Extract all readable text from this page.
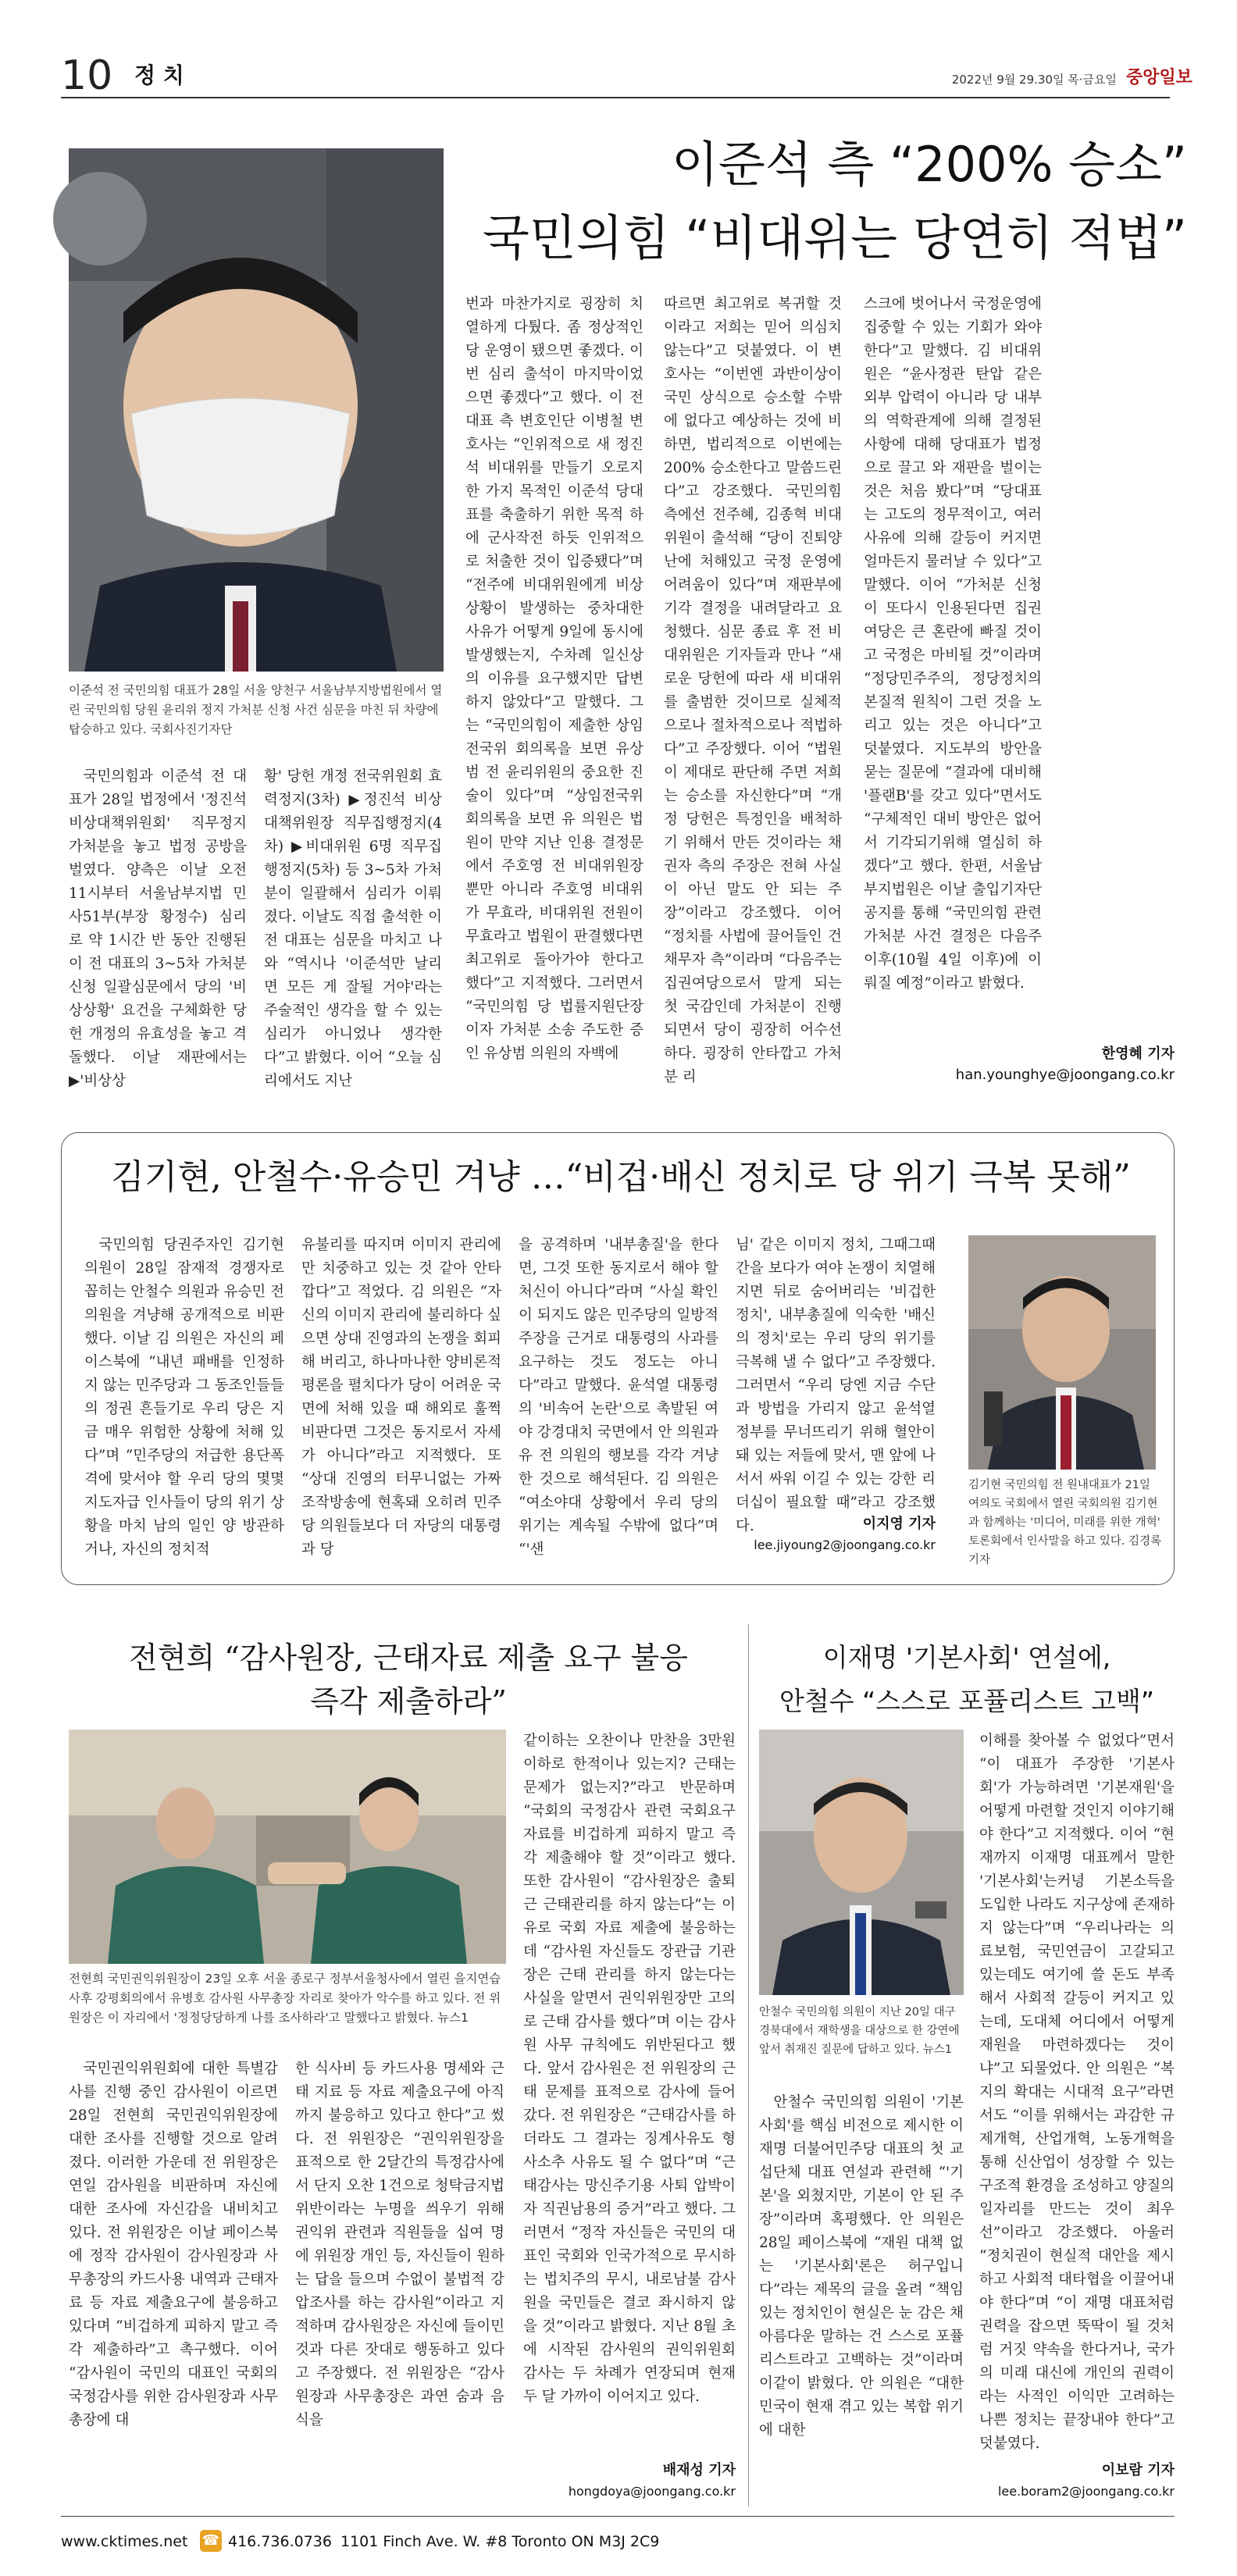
10 정 치	2022년 9월 29.30일 목·금요일 중앙일보
이준석 전 국민의힘 대표가 28일 서울 양천구 서울남부지방법원에서 열린 국민의힘 당원 윤리위 정지 가처분 신청 사건 심문을 마친 뒤 차량에 탑승하고 있다. 국회사진기자단
이준석 측 “200% 승소”
국민의힘 “비대위는 당연히 적법”

국민의힘과 이준석 전 대표가 28일 법정에서 '정진석 비상대책위원회' 직무정지 가처분을 놓고 법정 공방을 벌였다. 양측은 이날 오전 11시부터 서울남부지법 민사51부(부장 황정수) 심리로 약 1시간 반 동안 진행된 이 전 대표의 3~5차 가처분 신청 일괄심문에서 당의 '비상상황' 요건을 구체화한 당헌 개정의 유효성을 놓고 격돌했다. 이날 재판에서는 ▶'비상상

황' 당헌 개정 전국위원회 효력정지(3차) ▶정진석 비상대책위원장 직무집행정지(4차) ▶비대위원 6명 직무집행정지(5차) 등 3~5차 가처분이 일괄해서 심리가 이뤄졌다. 이날도 직접 출석한 이 전 대표는 심문을 마치고 나와 “역시나 '이준석만 날리면 모든 게 잘될 거야'라는 주술적인 생각을 할 수 있는 심리가 아니었나 생각한다”고 밝혔다. 이어 “오늘 심리에서도 지난

번과 마찬가지로 굉장히 치열하게 다퉜다. 좀 정상적인 당 운영이 됐으면 좋겠다. 이번 심리 출석이 마지막이었으면 좋겠다”고 했다. 이 전 대표 측 변호인단 이병철 변호사는 “인위적으로 새 정진석 비대위를 만들기 오로지 한 가지 목적인 이준석 당대표를 축출하기 위한 목적 하에 군사작전 하듯 인위적으로 처출한 것이 입증됐다”며 “전주에 비대위원에게 비상상황이 발생하는 중차대한 사유가 어떻게 9일에 동시에 발생했는지, 수차례 일신상의 이유를 요구했지만 답변하지 않았다”고 말했다. 그는 “국민의힘이 제출한 상임전국위 회의록을 보면 유상범 전 윤리위원의 중요한 진술이 있다”며 “상임전국위 회의록을 보면 유 의원은 법원이 만약 지난 인용 결정문에서 주호영 전 비대위원장뿐만 아니라 주호영 비대위가 무효라, 비대위원 전원이 무효라고 법원이 판결했다면 최고위로 돌아가야 한다고 했다”고 지적했다. 그러면서 “국민의힘 당 법률지원단장이자 가처분 소송 주도한 증인 유상범 의원의 자백에

따르면 최고위로 복귀할 것이라고 저희는 믿어 의심치 않는다”고 덧붙였다. 이 변호사는 “이번엔 과반이상이 국민 상식으로 승소할 수밖에 없다고 예상하는 것에 비하면, 법리적으로 이번에는 200% 승소한다고 말씀드린다”고 강조했다. 국민의힘 측에선 전주혜, 김종혁 비대위원이 출석해 “당이 진퇴양난에 처해있고 국정 운영에 어려움이 있다”며 재판부에 기각 결정을 내려달라고 요청했다. 심문 종료 후 전 비대위원은 기자들과 만나 “새로운 당헌에 따라 새 비대위를 출범한 것이므로 실체적으로나 절차적으로나 적법하다”고 주장했다. 이어 “법원이 제대로 판단해 주면 저희는 승소를 자신한다”며 “개정 당헌은 특정인을 배척하기 위해서 만든 것이라는 채권자 측의 주장은 전혀 사실이 아닌 말도 안 되는 주장”이라고 강조했다. 이어 “정치를 사법에 끌어들인 건 채무자 측”이라며 “다음주는 집권여당으로서 말게 되는 첫 국감인데 가처분이 진행되면서 당이 굉장히 어수선하다. 굉장히 안타깝고 가처분 리

스크에 벗어나서 국정운영에 집중할 수 있는 기회가 와야 한다”고 말했다. 김 비대위원은 “윤사정관 탄압 같은 외부 압력이 아니라 당 내부의 역학관계에 의해 결정된 사항에 대해 당대표가 법정으로 끌고 와 재판을 벌이는 것은 처음 봤다”며 “당대표는 고도의 정무적이고, 여러 사유에 의해 갈등이 커지면 얼마든지 물러날 수 있다”고 말했다. 이어 “가처분 신청이 또다시 인용된다면 집권여당은 큰 혼란에 빠질 것이고 국정은 마비될 것”이라며 “정당민주주의, 정당정치의 본질적 원칙이 그런 것을 노리고 있는 것은 아니다”고 덧붙였다. 지도부의 방안을 묻는 질문에 “결과에 대비해 '플랜B'를 갖고 있다”면서도 “구체적인 대비 방안은 없어서 기각되기위해 열심히 하겠다”고 했다. 한편, 서울남부지법원은 이날 출입기자단 공지를 통해 “국민의힘 관련 가처분 사건 결정은 다음주 이후(10월 4일 이후)에 이뤄질 예정”이라고 밝혔다.

한영혜 기자
han.younghye@joongang.co.kr
김기현, 안철수·유승민 겨냥 …“비겁·배신 정치로 당 위기 극복 못해”

국민의힘 당권주자인 김기현 의원이 28일 잠재적 경쟁자로 꼽히는 안철수 의원과 유승민 전 의원을 겨냥해 공개적으로 비판했다. 이날 김 의원은 자신의 페이스북에 “내년 패배를 인정하지 않는 민주당과 그 동조인들들의 정권 흔들기로 우리 당은 지금 매우 위험한 상황에 처해 있다”며 “민주당의 저급한 용단폭격에 맞서야 할 우리 당의 몇몇 지도자급 인사들이 당의 위기 상황을 마치 남의 일인 양 방관하거나, 자신의 정치적

유불리를 따지며 이미지 관리에만 치중하고 있는 것 같아 안타깝다”고 적었다. 김 의원은 “자신의 이미지 관리에 불리하다 싶으면 상대 진영과의 논쟁을 회피해 버리고, 하나마나한 양비론적 평론을 펼치다가 당이 어려운 국면에 처해 있을 때 해외로 훌쩍 비판다면 그것은 동지로서 자세가 아니다”라고 지적했다. 또 “상대 진영의 터무니없는 가짜 조작방송에 현혹돼 오히려 민주당 의원들보다 더 자당의 대통령과 당

을 공격하며 '내부총질'을 한다면, 그것 또한 동지로서 해야 할 처신이 아니다”라며 “사실 확인이 되지도 않은 민주당의 일방적 주장을 근거로 대통령의 사과를 요구하는 것도 정도는 아니다”라고 말했다. 윤석열 대통령의 '비속어 논란'으로 촉발된 여야 강경대치 국면에서 안 의원과 유 전 의원의 행보를 각각 겨냥한 것으로 해석된다. 김 의원은 “여소야대 상황에서 우리 당의 위기는 계속될 수밖에 없다”며 “'샌

님' 같은 이미지 정치, 그때그때 간을 보다가 여야 논쟁이 치열해지면 뒤로 숨어버리는 '비겁한 정치', 내부총질에 익숙한 '배신의 정치'로는 우리 당의 위기를 극복해 낼 수 없다”고 주장했다. 그러면서 “우리 당엔 지금 수단과 방법을 가리지 않고 윤석열 정부를 무너뜨리기 위해 혈안이 돼 있는 저들에 맞서, 맨 앞에 나서서 싸워 이길 수 있는 강한 리더십이 필요할 때”라고 강조했다.	이지영 기자
lee.jiyoung2@joongang.co.kr
김기현 국민의힘 전 원내대표가 21일 여의도 국회에서 열린 국회의원 김기현과 함께하는 '미디어, 미래를 위한 개혁' 토론회에서 인사말을 하고 있다. 김경록 기자
전현희 “감사원장, 근태자료 제출 요구 불응
즉각 제출하라”
전현희 국민권익위원장이 23일 오후 서울 종로구 정부서울청사에서 열린 을지연습 사후 강평회의에서 유병호 감사원 사무총장 자리로 찾아가 악수를 하고 있다. 전 위원장은 이 자리에서 '정정당당하게 나를 조사하라'고 말했다고 밝혔다. 뉴스1

국민권익위원회에 대한 특별감사를 진행 중인 감사원이 이르면 28일 전현희 국민권익위원장에 대한 조사를 진행할 것으로 알려졌다. 이러한 가운데 전 위원장은 연일 감사원을 비판하며 자신에 대한 조사에 자신감을 내비치고 있다. 전 위원장은 이날 페이스북에 정작 감사원이 감사원장과 사무총장의 카드사용 내역과 근태자료 등 자료 제출요구에 불응하고 있다며 “비겁하게 피하지 말고 즉각 제출하라”고 촉구했다. 이어 “감사원이 국민의 대표인 국회의 국정감사를 위한 감사원장과 사무총장에 대

한 식사비 등 카드사용 명세와 근태 지료 등 자료 제출요구에 아직까지 불응하고 있다고 한다”고 썼다. 전 위원장은 “권익위원장을 표적으로 한 2달간의 특정감사에서 단지 오찬 1건으로 청탁금지법 위반이라는 누명을 씌우기 위해 권익위 관련과 직원들을 십여 명에 위원장 개인 등, 자신들이 원하는 답을 들으며 수없이 불법적 강압조사를 하는 감사원”이라고 지적하며 감사원장은 자신에 들이민 것과 다른 잣대로 행동하고 있다고 주장했다. 전 위원장은 “감사원장과 사무총장은 과연 숨과 음식을

같이하는 오찬이나 만찬을 3만원 이하로 한적이나 있는지? 근태는 문제가 없는지?”라고 반문하며 “국회의 국정감사 관련 국회요구자료를 비겁하게 피하지 말고 즉각 제출해야 할 것”이라고 했다. 또한 감사원이 “감사원장은 출퇴근 근태관리를 하지 않는다”는 이유로 국회 자료 제출에 불응하는 데 “감사원 자신들도 장관급 기관장은 근태 관리를 하지 않는다는 사실을 알면서 권익위원장만 고의로 근태 감사를 했다”며 이는 감사원 사무 규칙에도 위반된다고 했다. 앞서 감사원은 전 위원장의 근태 문제를 표적으로 감사에 들어갔다. 전 위원장은 “근태감사를 하더라도 그 결과는 징계사유도 형사소추 사유도 될 수 없다”며 “근태감사는 망신주기용 사퇴 압박이자 직권남용의 증거”라고 했다. 그러면서 “정작 자신들은 국민의 대표인 국회와 인국가적으로 무시하는 법치주의 무시, 내로남불 감사원을 국민들은 결코 좌시하지 않을 것”이라고 밝혔다. 지난 8월 초에 시작된 감사원의 권익위원회 감사는 두 차례가 연장되며 현재 두 달 가까이 이어지고 있다.

배재성 기자
hongdoya@joongang.co.kr
이재명 '기본사회' 연설에,
안철수 “스스로 포퓰리스트 고백”
안철수 국민의힘 의원이 지난 20일 대구 경북대에서 재학생을 대상으로 한 강연에 앞서 취재진 질문에 답하고 있다. 뉴스1

안철수 국민의힘 의원이 '기본사회'를 핵심 비전으로 제시한 이재명 더불어민주당 대표의 첫 교섭단체 대표 연설과 관련해 “'기본'을 외쳤지만, 기본이 안 된 주장”이라며 혹평했다. 안 의원은 28일 페이스북에 “재원 대책 없는 '기본사회'론은 허구입니다”라는 제목의 글을 올려 “책임 있는 정치인이 현실은 눈 감은 채 아름다운 말하는 건 스스로 포퓰리스트라고 고백하는 것”이라며 이같이 밝혔다. 안 의원은 “대한민국이 현재 겪고 있는 복합 위기에 대한

이해를 찾아볼 수 없었다”면서 “이 대표가 주장한 '기본사회'가 가능하려면 '기본재원'을 어떻게 마련할 것인지 이야기해야 한다”고 지적했다. 이어 “현재까지 이재명 대표께서 말한 '기본사회'는커녕 기본소득을 도입한 나라도 지구상에 존재하지 않는다”며 “우리나라는 의료보험, 국민연금이 고갈되고 있는데도 여기에 쓸 돈도 부족해서 사회적 갈등이 커지고 있는데, 도대체 어디에서 어떻게 재원을 마련하겠다는 것이냐”고 되물었다. 안 의원은 “복지의 확대는 시대적 요구”라면서도 “이를 위해서는 과감한 규제개혁, 산업개혁, 노동개혁을 통해 신산업이 성장할 수 있는 구조적 환경을 조성하고 양질의 일자리를 만드는 것이 최우선”이라고 강조했다. 아울러 “정치권이 현실적 대안을 제시하고 사회적 대타협을 이끌어내야 한다”며 “이 재명 대표처럼 권력을 잡으면 뚝딱이 될 것처럼 거짓 약속을 한다거나, 국가의 미래 대신에 개인의 권력이라는 사적인 이익만 고려하는 나쁜 정치는 끝장내야 한다”고 덧붙였다.

이보람 기자
lee.boram2@joongang.co.kr
www.cktimes.net ☎ 416.736.0736 1101 Finch Ave. W. #8 Toronto ON M3J 2C9
